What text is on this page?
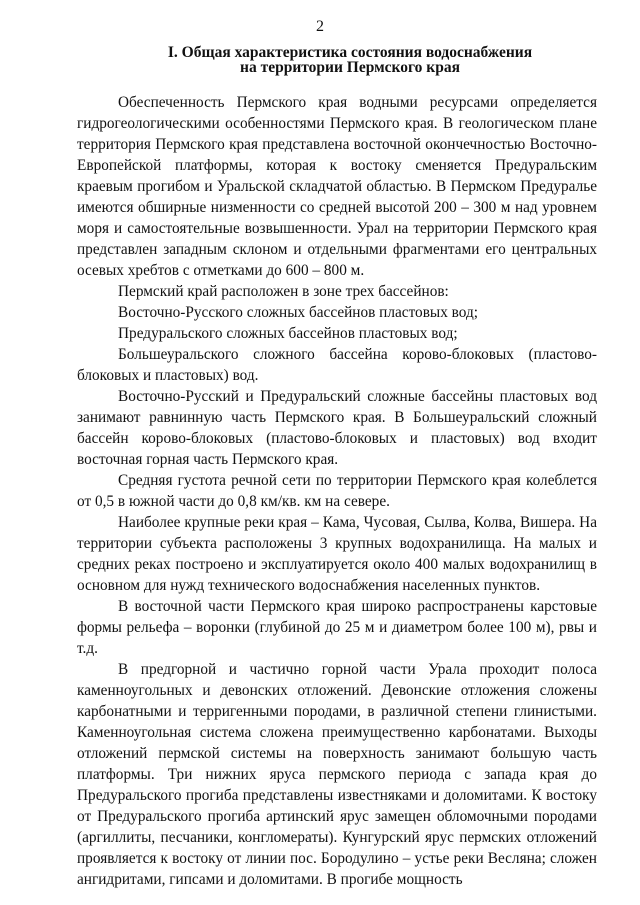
2
I. Общая характеристика состояния водоснабжения
на территории Пермского края

Обеспеченность Пермского края водными ресурсами определяется гидрогеологическими особенностями Пермского края. В геологическом плане территория Пермского края представлена восточной окончечностью Восточно-Европейской платформы, которая к востоку сменяется Предуральским краевым прогибом и Уральской складчатой областью. В Пермском Предуралье имеются обширные низменности со средней высотой 200 – 300 м над уровнем моря и самостоятельные возвышенности. Урал на территории Пермского края представлен западным склоном и отдельными фрагментами его центральных осевых хребтов с отметками до 600 – 800 м.

Пермский край расположен в зоне трех бассейнов:

Восточно-Русского сложных бассейнов пластовых вод;

Предуральского сложных бассейнов пластовых вод;

Большеуральского сложного бассейна корово-блоковых (пластово-блоковых и пластовых) вод.

Восточно-Русский и Предуральский сложные бассейны пластовых вод занимают равнинную часть Пермского края. В Большеуральский сложный бассейн корово-блоковых (пластово-блоковых и пластовых) вод входит восточная горная часть Пермского края.

Средняя густота речной сети по территории Пермского края колеблется от 0,5 в южной части до 0,8 км/кв. км на севере.

Наиболее крупные реки края – Кама, Чусовая, Сылва, Колва, Вишера. На территории субъекта расположены 3 крупных водохранилища. На малых и средних реках построено и эксплуатируется около 400 малых водохранилищ в основном для нужд технического водоснабжения населенных пунктов.

В восточной части Пермского края широко распространены карстовые формы рельефа – воронки (глубиной до 25 м и диаметром более 100 м), рвы и т.д.

В предгорной и частично горной части Урала проходит полоса каменноугольных и девонских отложений. Девонские отложения сложены карбонатными и терригенными породами, в различной степени глинистыми. Каменноугольная система сложена преимущественно карбонатами. Выходы отложений пермской системы на поверхность занимают большую часть платформы. Три нижних яруса пермского периода с запада края до Предуральского прогиба представлены известняками и доломитами. К востоку от Предуральского прогиба артинский ярус замещен обломочными породами (аргиллиты, песчаники, конгломераты). Кунгурский ярус пермских отложений проявляется к востоку от линии пос. Бородулино – устье реки Весляна; сложен ангидритами, гипсами и доломитами. В прогибе мощность
